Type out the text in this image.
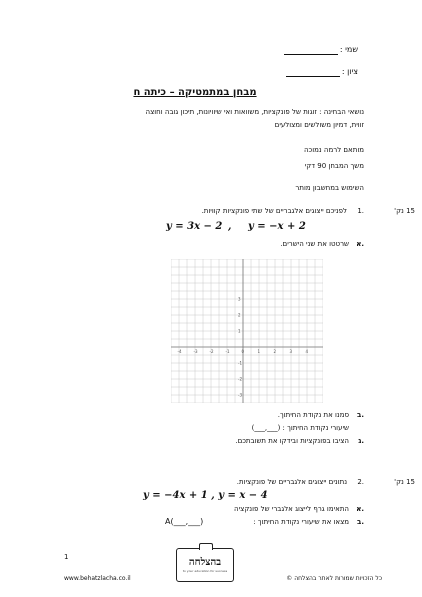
שמי :
ציון :
מבחן במתמטיקה – כיתה ח
נושאי הבחינה : זוגות של פונקציות, משוואות ואי שיוויונות, תיכון גובה וחוצה
זווית, דמיון משולשים ומצולעים
מותאם לרמה נמוכה
משך המבחן 90 דקי
השימוש במחשבון מותר
15 נק'
1.
לפניכם ייצוגים אלגבריים של שתי פונקציות קוויות.
y = 3x − 2 , y = −x + 2
א.
שרטטו את שני הישרים.
-4	-3	-2	-1	0	1	2	3	4
3
2
1
-1
-2
-3
ב.
סמנו את נקודת החיתוך.
שיעורי נקודת החיתוך : (___,___)
ג.
הציבו בפונקציות ובידקו את תשובתכם.
15 נק'
2.
נתונים ייצוגים אלגבריים של פונקציות.
y = −4x + 1 , y = x − 4
א.
התאימו גרף לייצוג אלגברי של פונקציה
ב.
מצאו את שיעורי נקודת החיתוך :
A(___,___)
1
www.behatzlacha.co.il
בהצלחה
to your education for success
כל הזכויות שמורות לאתר בהצלחה ©
